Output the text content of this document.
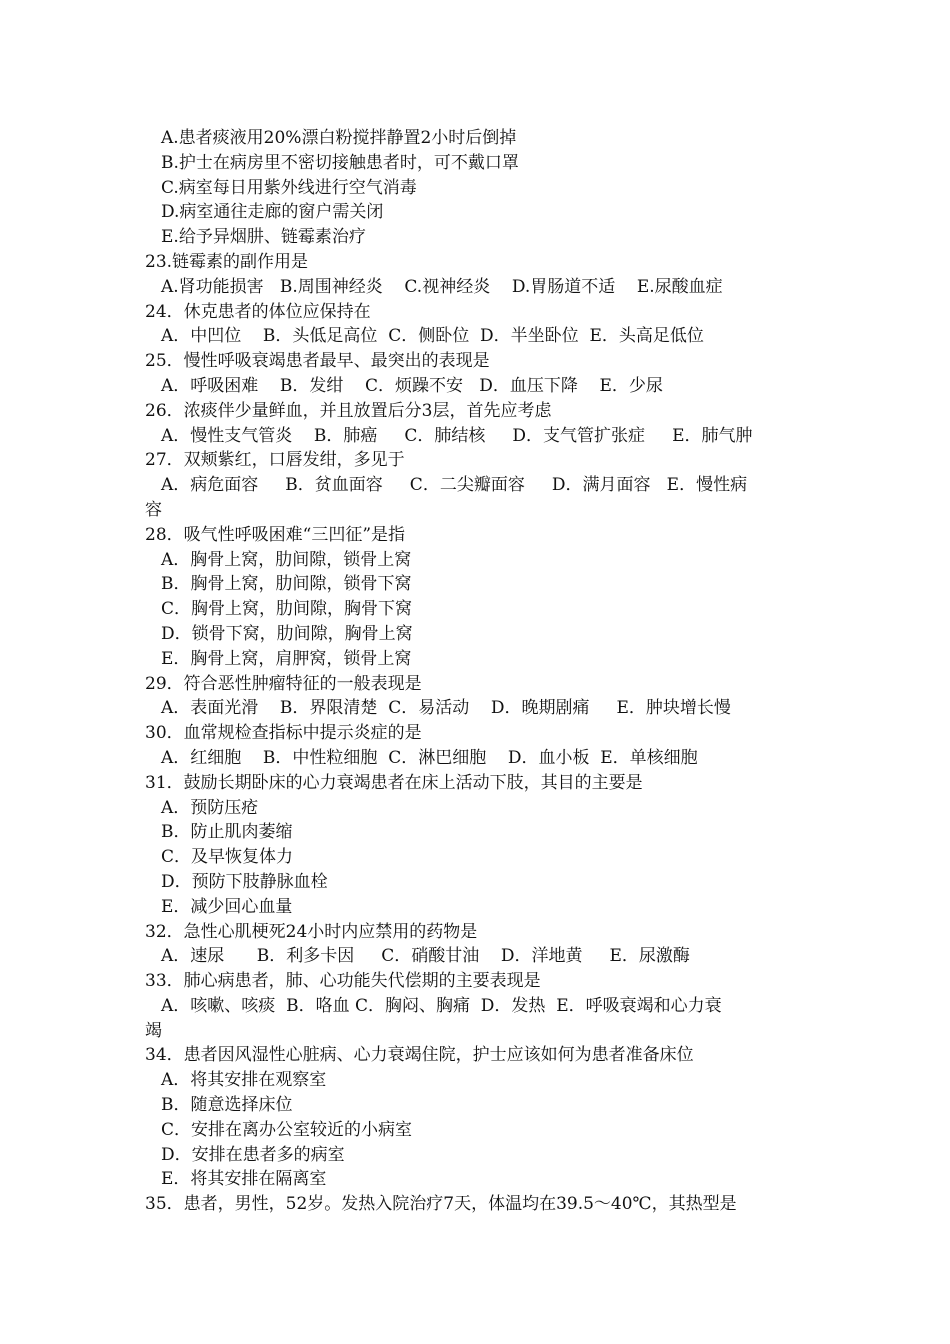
A.患者痰液用20%漂白粉搅拌静置2小时后倒掉
B.护士在病房里不密切接触患者时，可不戴口罩
C.病室每日用紫外线进行空气消毒
D.病室通往走廊的窗户需关闭
E.给予异烟肼、链霉素治疗
23.链霉素的副作用是
A.肾功能损害   B.周围神经炎    C.视神经炎    D.胃肠道不适    E.尿酸血症
24．休克患者的体位应保持在
A．中凹位    B．头低足高位  C．侧卧位  D．半坐卧位  E．头高足低位
25．慢性呼吸衰竭患者最早、最突出的表现是
A．呼吸困难    B．发绀    C．烦躁不安   D．血压下降    E．少尿
26．浓痰伴少量鲜血，并且放置后分3层，首先应考虑
A．慢性支气管炎    B．肺癌     C．肺结核     D．支气管扩张症     E．肺气肿
27．双颊紫红，口唇发绀，多见于
A．病危面容     B．贫血面容     C．二尖瓣面容     D．满月面容   E．慢性病
容
28．吸气性呼吸困难“三凹征”是指
A．胸骨上窝，肋间隙，锁骨上窝
B．胸骨上窝，肋间隙，锁骨下窝
C．胸骨上窝，肋间隙，胸骨下窝
D．锁骨下窝，肋间隙，胸骨上窝
E．胸骨上窝，肩胛窝，锁骨上窝
29．符合恶性肿瘤特征的一般表现是
A．表面光滑    B．界限清楚  C．易活动    D．晚期剧痛     E．肿块增长慢
30．血常规检查指标中提示炎症的是
A．红细胞    B．中性粒细胞  C．淋巴细胞    D．血小板  E．单核细胞
31．鼓励长期卧床的心力衰竭患者在床上活动下肢，其目的主要是
A．预防压疮
B．防止肌肉萎缩
C．及早恢复体力
D．预防下肢静脉血栓
E．减少回心血量
32．急性心肌梗死24小时内应禁用的药物是
A．速尿      B．利多卡因     C．硝酸甘油    D．洋地黄     E．尿激酶
33．肺心病患者，肺、心功能失代偿期的主要表现是
A．咳嗽、咳痰  B．咯血 C．胸闷、胸痛  D．发热  E．呼吸衰竭和心力衰
竭
34．患者因风湿性心脏病、心力衰竭住院，护士应该如何为患者准备床位
A．将其安排在观察室
B．随意选择床位
C．安排在离办公室较近的小病室
D．安排在患者多的病室
E．将其安排在隔离室
35．患者，男性，52岁。发热入院治疗7天，体温均在39.5～40℃，其热型是
